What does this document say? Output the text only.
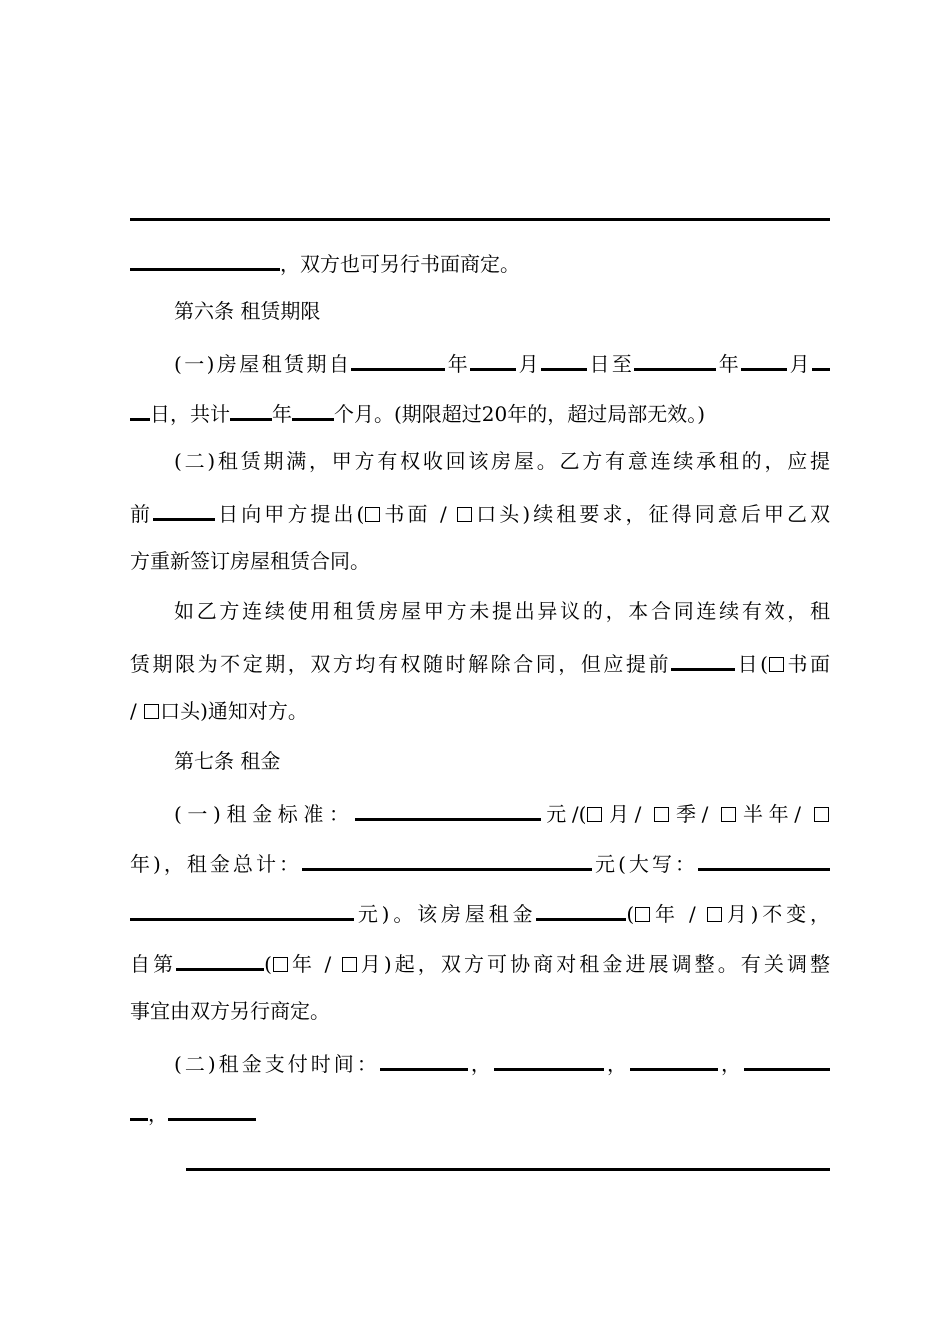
，双方也可另行书面商定。
第六条 租赁期限
(一)房屋租赁期自	年 月 日至	年 月
日，共计 年 个月。(期限超过20年的，超过局部无效。)
(二)租赁期满，甲方有权收回该房屋。乙方有意连续承租的，应提
前	日向甲方提出( 书面 / 口头)续租要求，征得同意后甲乙双
方重新签订房屋租赁合同。
如乙方连续使用租赁房屋甲方未提出异议的，本合同连续有效，租
赁期限为不定期，双方均有权随时解除合同，但应提前	日( 书面
/ 口头)通知对方。
第七条 租金
(一)租金标准：	元/( 月/ 季/ 半年/
年)，租金总计：	元(大写：
元)。该房屋租金	( 年 / 月)不变，
自第	( 年 / 月)起，双方可协商对租金进展调整。有关调整
事宜由双方另行商定。
(二)租金支付时间：	，	，	，
，
